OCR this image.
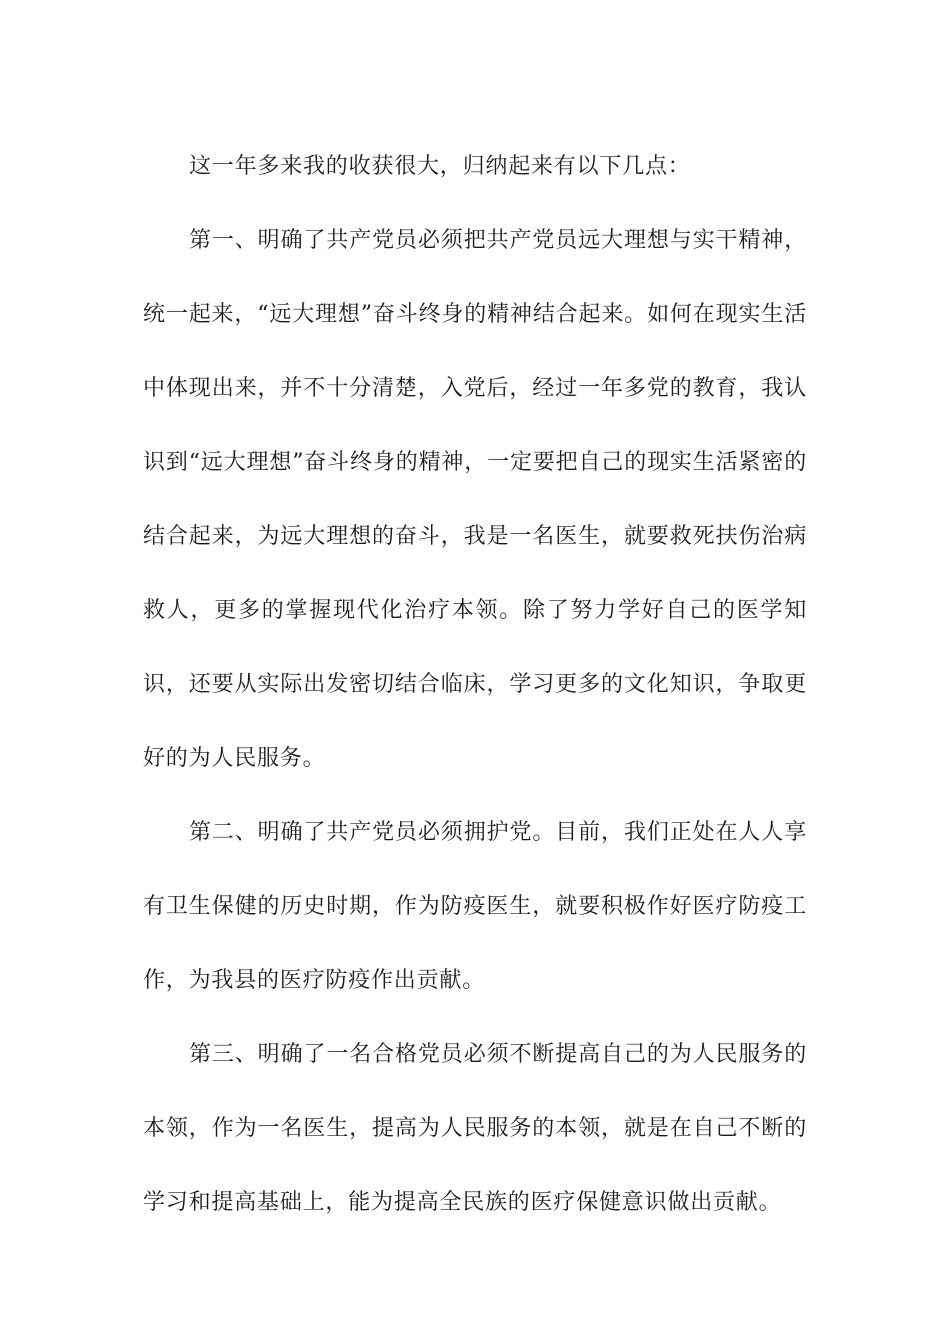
这一年多来我的收获很大，归纳起来有以下几点：

第一、明确了共产党员必须把共产党员远大理想与实干精神，统一起来，“远大理想”奋斗终身的精神结合起来。如何在现实生活中体现出来，并不十分清楚，入党后，经过一年多党的教育，我认识到“远大理想”奋斗终身的精神，一定要把自己的现实生活紧密的结合起来，为远大理想的奋斗，我是一名医生，就要救死扶伤治病救人，更多的掌握现代化治疗本领。除了努力学好自己的医学知识，还要从实际出发密切结合临床，学习更多的文化知识，争取更好的为人民服务。

第二、明确了共产党员必须拥护党。目前，我们正处在人人享有卫生保健的历史时期，作为防疫医生，就要积极作好医疗防疫工作，为我县的医疗防疫作出贡献。

第三、明确了一名合格党员必须不断提高自己的为人民服务的本领，作为一名医生，提高为人民服务的本领，就是在自己不断的学习和提高基础上，能为提高全民族的医疗保健意识做出贡献。
